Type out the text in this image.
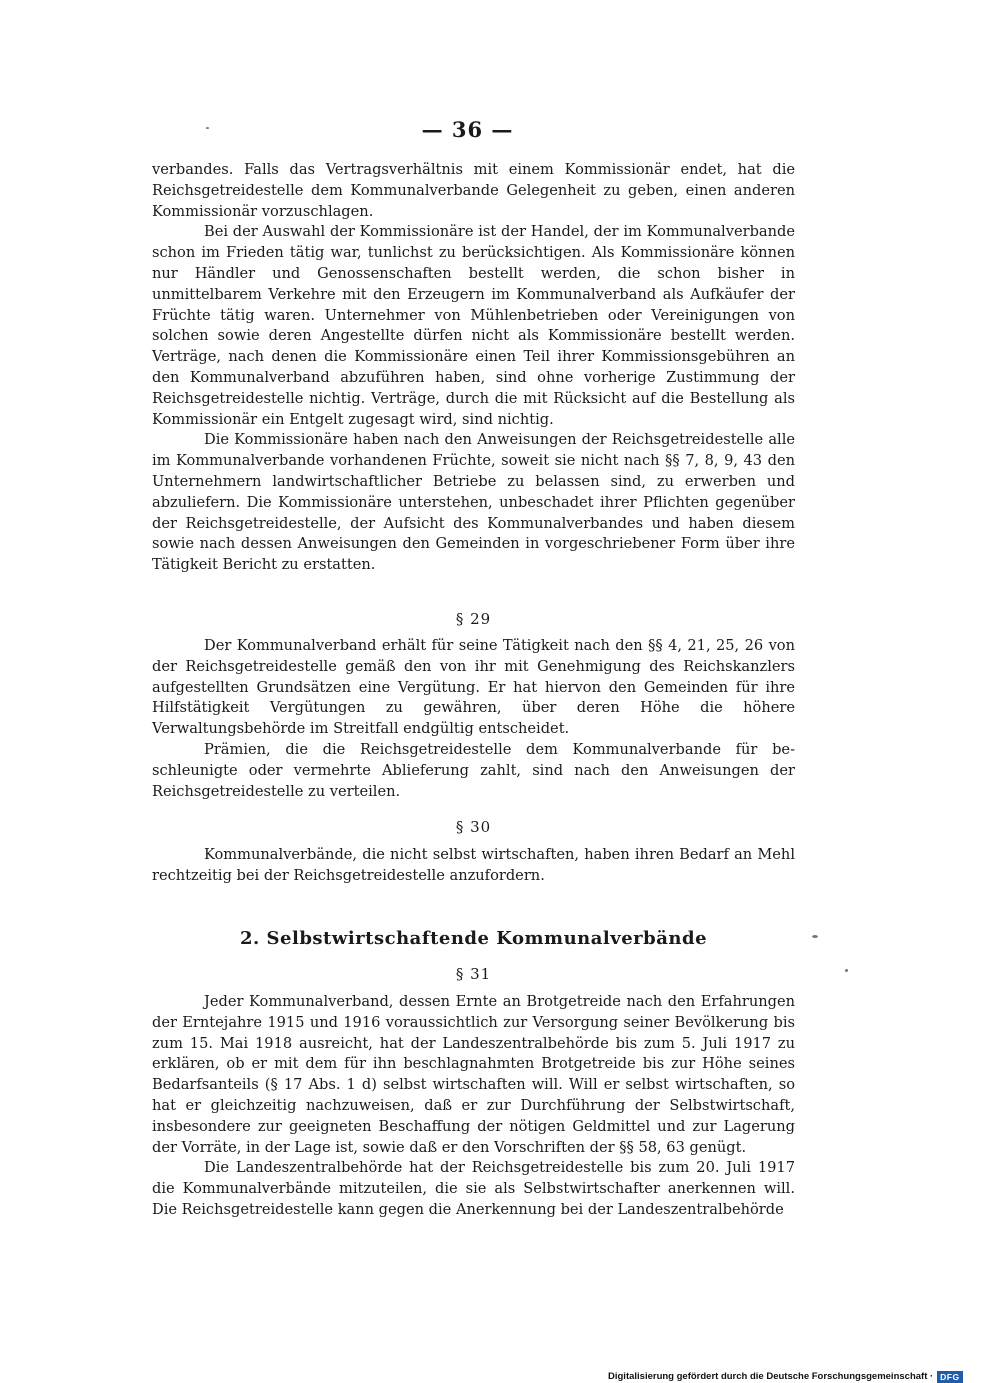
— 36 —

verbandes. Falls das Vertragsverhältnis mit einem Kommissionär endet, hat die Reichsgetreidestelle dem Kommunalverbande Gelegenheit zu geben, einen anderen Kommissionär vorzuschlagen.

Bei der Auswahl der Kommissionäre ist der Handel, der im Kommunalverbande schon im Frieden tätig war, tunlichst zu berücksichtigen. Als Kommissionäre können nur Händler und Genossenschaften bestellt werden, die schon bisher in unmittelbarem Verkehre mit den Erzeugern im Kommunalverband als Aufkäufer der Früchte tätig waren. Unternehmer von Mühlenbetrieben oder Vereinigungen von solchen sowie deren Angestellte dürfen nicht als Kommissionäre bestellt werden. Verträge, nach denen die Kommissionäre einen Teil ihrer Kommissionsgebühren an den Kommunalverband abzuführen haben, sind ohne vorherige Zustimmung der Reichsgetreidestelle nichtig. Verträge, durch die mit Rücksicht auf die Bestellung als Kommissionär ein Entgelt zugesagt wird, sind nichtig.

Die Kommissionäre haben nach den Anweisungen der Reichsgetreidestelle alle im Kommunalverbande vorhandenen Früchte, soweit sie nicht nach §§ 7, 8, 9, 43 den Unternehmern landwirtschaftlicher Betriebe zu belassen sind, zu erwerben und abzuliefern. Die Kommissionäre unterstehen, unbeschadet ihrer Pflichten gegenüber der Reichsgetreidestelle, der Aufsicht des Kommunalverbandes und haben diesem sowie nach dessen Anweisungen den Gemeinden in vorgeschriebener Form über ihre Tätigkeit Bericht zu erstatten.

§ 29

Der Kommunalverband erhält für seine Tätigkeit nach den §§ 4, 21, 25, 26 von der Reichsgetreidestelle gemäß den von ihr mit Genehmigung des Reichskanzlers aufgestellten Grundsätzen eine Vergütung. Er hat hiervon den Gemeinden für ihre Hilfstätigkeit Vergütungen zu gewähren, über deren Höhe die höhere Verwaltungsbehörde im Streitfall endgültig entscheidet.

Prämien, die die Reichsgetreidestelle dem Kommunalverbande für beschleunigte oder vermehrte Ablieferung zahlt, sind nach den Anweisungen der Reichsgetreidestelle zu verteilen.

§ 30

Kommunalverbände, die nicht selbst wirtschaften, haben ihren Bedarf an Mehl rechtzeitig bei der Reichsgetreidestelle anzufordern.

2. Selbstwirtschaftende Kommunalverbände
§ 31

Jeder Kommunalverband, dessen Ernte an Brotgetreide nach den Erfahrungen der Erntejahre 1915 und 1916 voraussichtlich zur Versorgung seiner Bevölkerung bis zum 15. Mai 1918 ausreicht, hat der Landeszentralbehörde bis zum 5. Juli 1917 zu erklären, ob er mit dem für ihn beschlagnahmten Brotgetreide bis zur Höhe seines Bedarfsanteils (§ 17 Abs. 1 d) selbst wirtschaften will. Will er selbst wirtschaften, so hat er gleichzeitig nachzuweisen, daß er zur Durchführung der Selbstwirtschaft, insbesondere zur geeigneten Beschaffung der nötigen Geldmittel und zur Lagerung der Vorräte, in der Lage ist, sowie daß er den Vorschriften der §§ 58, 63 genügt.

Die Landeszentralbehörde hat der Reichsgetreidestelle bis zum 20. Juli 1917 die Kommunalverbände mitzuteilen, die sie als Selbstwirtschafter anerkennen will. Die Reichsgetreidestelle kann gegen die Anerkennung bei der Landeszentralbehörde

Digitalisierung gefördert durch die Deutsche Forschungsgemeinschaft · DFG
